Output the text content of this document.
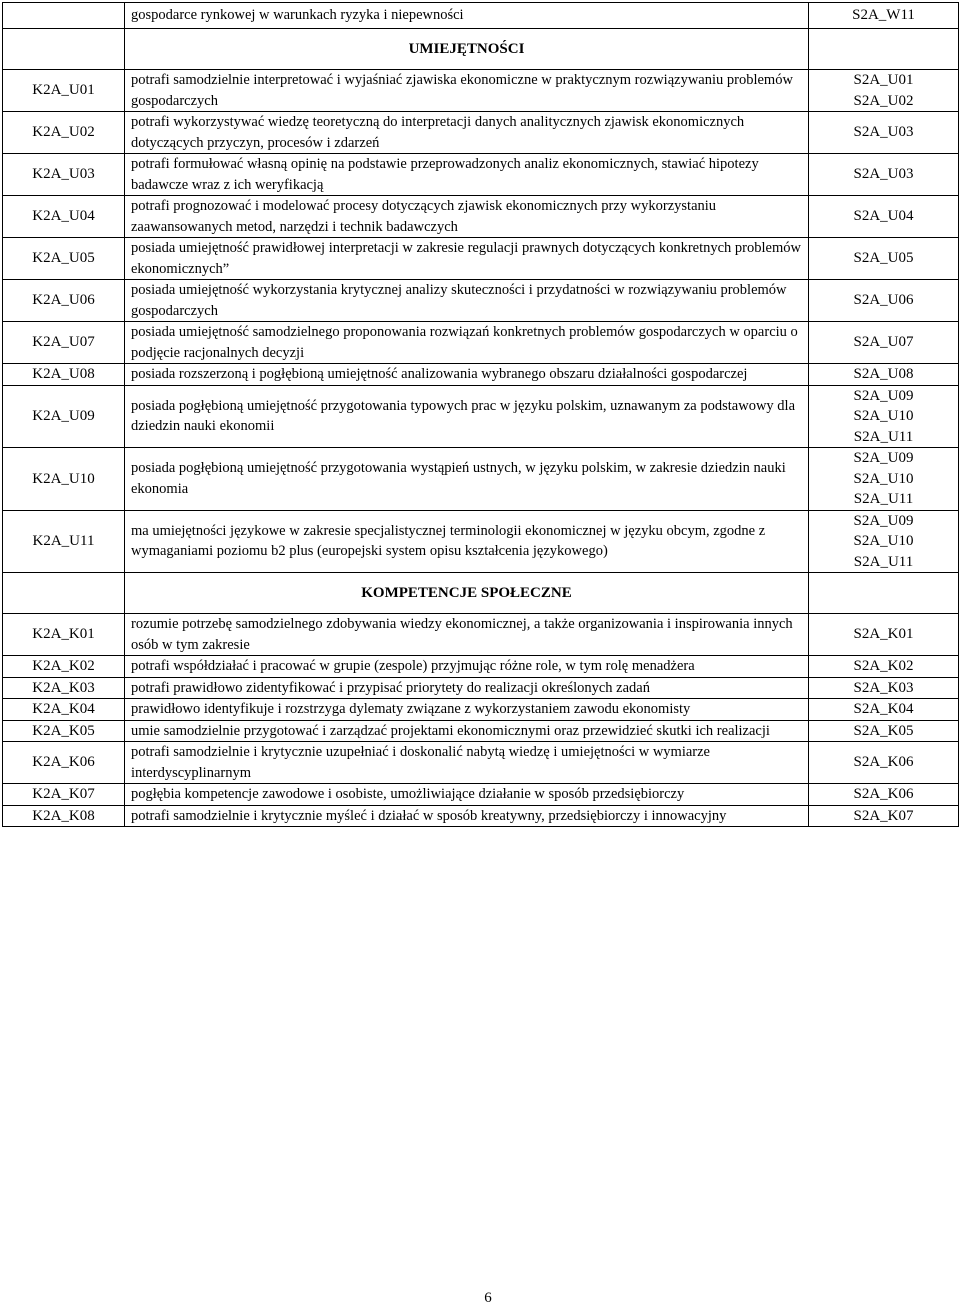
	gospodarce rynkowej w warunkach ryzyka i niepewności	S2A_W11
	UMIEJĘTNOŚCI	
K2A_U01	potrafi samodzielnie interpretować i wyjaśniać zjawiska ekonomiczne w praktycznym rozwiązywaniu problemów gospodarczych	S2A_U01
S2A_U02
K2A_U02	potrafi wykorzystywać wiedzę teoretyczną do interpretacji danych analitycznych zjawisk ekonomicznych dotyczących przyczyn, procesów i zdarzeń	S2A_U03
K2A_U03	potrafi formułować własną opinię na podstawie przeprowadzonych analiz ekonomicznych, stawiać hipotezy badawcze wraz z ich weryfikacją	S2A_U03
K2A_U04	potrafi prognozować i modelować procesy dotyczących zjawisk ekonomicznych przy wykorzystaniu zaawansowanych metod, narzędzi i technik badawczych	S2A_U04
K2A_U05	posiada umiejętność prawidłowej interpretacji w zakresie regulacji prawnych dotyczących konkretnych problemów ekonomicznych”	S2A_U05
K2A_U06	posiada umiejętność wykorzystania krytycznej analizy skuteczności i przydatności w rozwiązywaniu problemów gospodarczych	S2A_U06
K2A_U07	posiada umiejętność samodzielnego proponowania rozwiązań konkretnych problemów gospodarczych w oparciu o podjęcie racjonalnych decyzji	S2A_U07
K2A_U08	posiada rozszerzoną i pogłębioną umiejętność analizowania wybranego obszaru działalności gospodarczej	S2A_U08
K2A_U09	posiada pogłębioną umiejętność przygotowania typowych prac w języku polskim, uznawanym za podstawowy dla dziedzin nauki ekonomii	S2A_U09
S2A_U10
S2A_U11
K2A_U10	posiada pogłębioną umiejętność przygotowania wystąpień ustnych, w języku polskim, w zakresie dziedzin nauki ekonomia	S2A_U09
S2A_U10
S2A_U11
K2A_U11	ma umiejętności językowe w zakresie specjalistycznej terminologii ekonomicznej w języku obcym, zgodne z wymaganiami poziomu b2 plus (europejski system opisu kształcenia językowego)	S2A_U09
S2A_U10
S2A_U11
	KOMPETENCJE SPOŁECZNE	
K2A_K01	rozumie potrzebę samodzielnego zdobywania wiedzy ekonomicznej, a także organizowania i inspirowania innych osób w tym zakresie	S2A_K01
K2A_K02	potrafi współdziałać i pracować w grupie (zespole) przyjmując różne role, w tym rolę menadżera	S2A_K02
K2A_K03	potrafi prawidłowo zidentyfikować i przypisać priorytety do realizacji określonych zadań	S2A_K03
K2A_K04	prawidłowo identyfikuje i rozstrzyga dylematy związane z wykorzystaniem zawodu ekonomisty	S2A_K04
K2A_K05	umie samodzielnie przygotować i zarządzać projektami ekonomicznymi oraz przewidzieć skutki ich realizacji	S2A_K05
K2A_K06	potrafi samodzielnie i krytycznie uzupełniać i doskonalić nabytą wiedzę i umiejętności w wymiarze interdyscyplinarnym	S2A_K06
K2A_K07	pogłębia kompetencje zawodowe i osobiste, umożliwiające działanie w sposób przedsiębiorczy	S2A_K06
K2A_K08	potrafi samodzielnie i krytycznie myśleć i działać w sposób kreatywny, przedsiębiorczy i innowacyjny	S2A_K07
6
